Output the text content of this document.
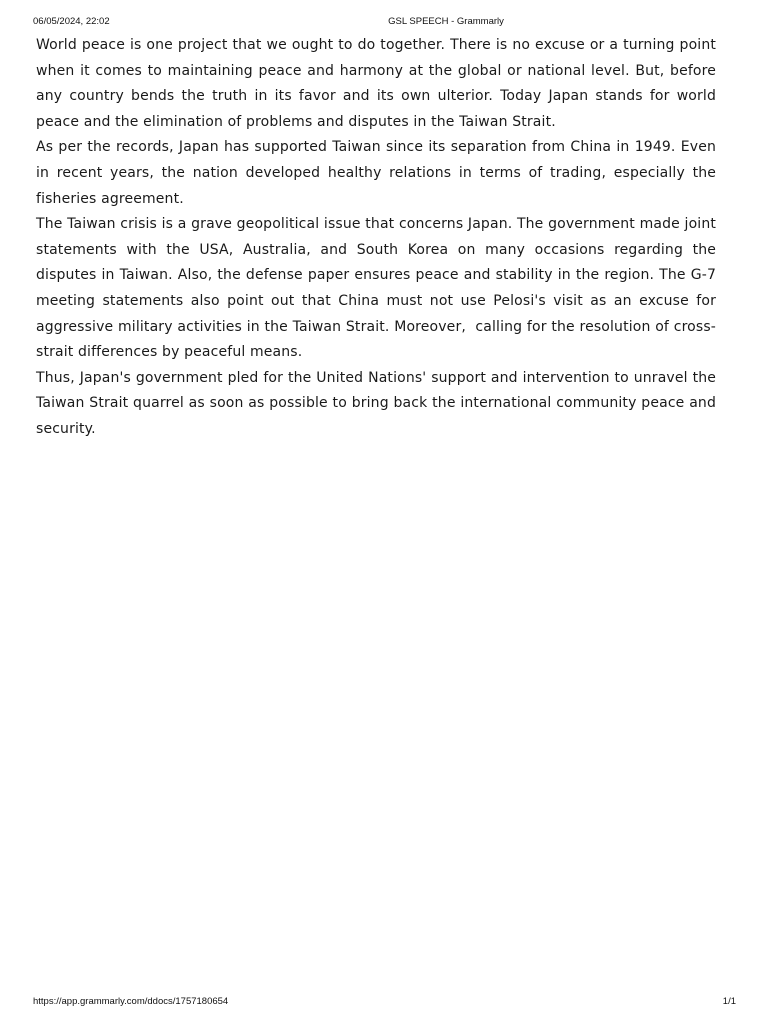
06/05/2024, 22:02	GSL SPEECH - Grammarly

World peace is one project that we ought to do together. There is no excuse or a turning point when it comes to maintaining peace and harmony at the global or national level. But, before any country bends the truth in its favor and its own ulterior. Today Japan stands for world peace and the elimination of problems and disputes in the Taiwan Strait.

As per the records, Japan has supported Taiwan since its separation from China in 1949. Even in recent years, the nation developed healthy relations in terms of trading, especially the fisheries agreement.

The Taiwan crisis is a grave geopolitical issue that concerns Japan. The government made joint statements with the USA, Australia, and South Korea on many occasions regarding the disputes in Taiwan. Also, the defense paper ensures peace and stability in the region. The G-7 meeting statements also point out that China must not use Pelosi's visit as an excuse for aggressive military activities in the Taiwan Strait. Moreover,  calling for the resolution of cross-strait differences by peaceful means.

Thus, Japan's government pled for the United Nations' support and intervention to unravel the Taiwan Strait quarrel as soon as possible to bring back the international community peace and security.

https://app.grammarly.com/ddocs/1757180654	1/1
